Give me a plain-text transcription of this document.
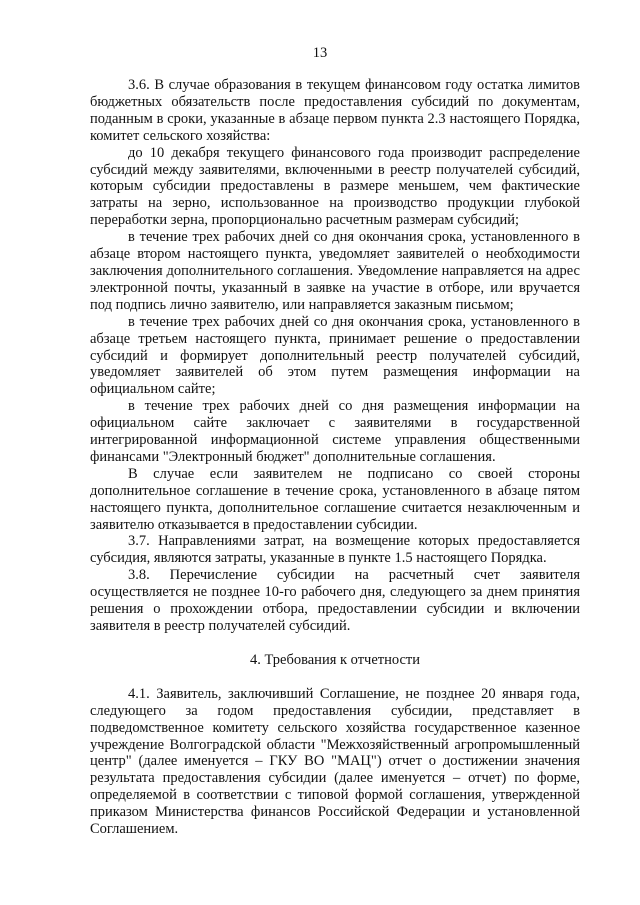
13

3.6. В случае образования в текущем финансовом году остатка лимитов бюджетных обязательств после предоставления субсидий по документам, поданным в сроки, указанные в абзаце первом пункта 2.3 настоящего Порядка, комитет сельского хозяйства:

до 10 декабря текущего финансового года производит распределение субсидий между заявителями, включенными в реестр получателей субсидий, которым субсидии предоставлены в размере меньшем, чем фактические затраты на зерно, использованное на производство продукции глубокой переработки зерна, пропорционально расчетным размерам субсидий;

в течение трех рабочих дней со дня окончания срока, установленного в абзаце втором настоящего пункта, уведомляет заявителей о необходимости заключения дополнительного соглашения. Уведомление направляется на адрес электронной почты, указанный в заявке на участие в отборе, или вручается под подпись лично заявителю, или направляется заказным письмом;

в течение трех рабочих дней со дня окончания срока, установленного в абзаце третьем настоящего пункта, принимает решение о предоставлении субсидий и формирует дополнительный реестр получателей субсидий, уведомляет заявителей об этом путем размещения информации на официальном сайте;

в течение трех рабочих дней со дня размещения информации на официальном сайте заключает с заявителями в государственной интегрированной информационной системе управления общественными финансами "Электронный бюджет" дополнительные соглашения.

В случае если заявителем не подписано со своей стороны дополнительное соглашение в течение срока, установленного в абзаце пятом настоящего пункта, дополнительное соглашение считается незаключенным и заявителю отказывается в предоставлении субсидии.

3.7. Направлениями затрат, на возмещение которых предоставляется субсидия, являются затраты, указанные в пункте 1.5 настоящего Порядка.

3.8. Перечисление субсидии на расчетный счет заявителя осуществляется не позднее 10-го рабочего дня, следующего за днем принятия решения о прохождении отбора, предоставлении субсидии и включении заявителя в реестр получателей субсидий.

4. Требования к отчетности

4.1. Заявитель, заключивший Соглашение, не позднее 20 января года, следующего за годом предоставления субсидии, представляет в подведомственное комитету сельского хозяйства государственное казенное учреждение Волгоградской области "Межхозяйственный агропромышленный центр" (далее именуется – ГКУ ВО "МАЦ") отчет о достижении значения результата предоставления субсидии (далее именуется – отчет) по форме, определяемой в соответствии с типовой формой соглашения, утвержденной приказом Министерства финансов Российской Федерации и установленной Соглашением.
